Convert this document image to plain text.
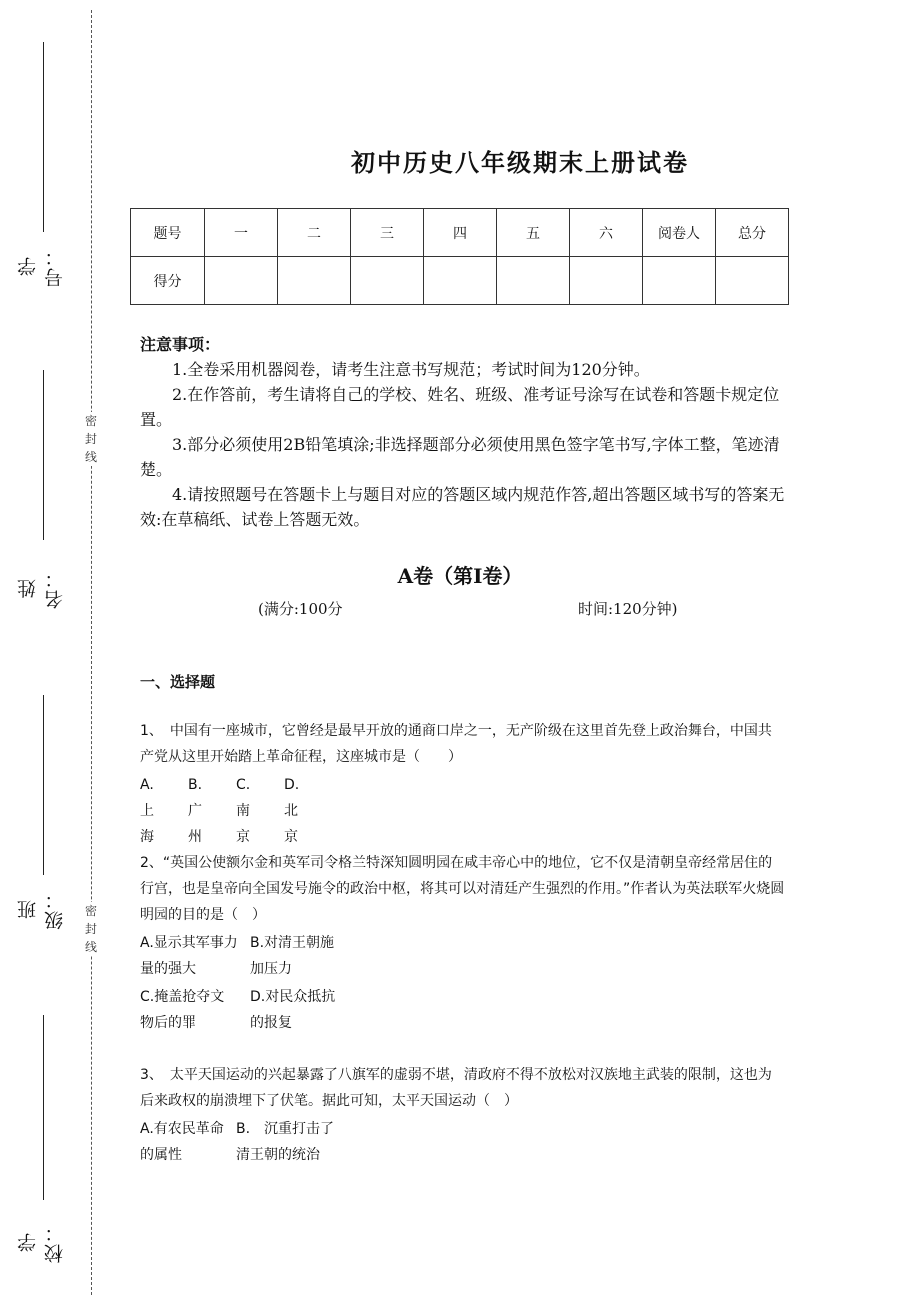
学号：
姓名：
班级：
学校：
密封线
密封线
初中历史八年级期末上册试卷
题号	一	二	三	四	五	六	阅卷人	总分
得分								
注意事项：

1.全卷采用机器阅卷，请考生注意书写规范；考试时间为120分钟。

2.在作答前，考生请将自己的学校、姓名、班级、准考证号涂写在试卷和答题卡规定位置。

3.部分必须使用2B铅笔填涂;非选择题部分必须使用黑色签字笔书写,字体工整，笔迹清楚。

4.请按照题号在答题卡上与题目对应的答题区域内规范作答,超出答题区域书写的答案无效:在草稿纸、试卷上答题无效。

A卷（第I卷）
(满分:100分	时间:120分钟)
一、选择题

1、　中国有一座城市，它曾经是最早开放的通商口岸之一，无产阶级在这里首先登上政治舞台，中国共产党从这里开始踏上革命征程，这座城市是（　　）

A.上海
B.广州
C.南京
D.北京

2、“英国公使额尔金和英军司令格兰特深知圆明园在咸丰帝心中的地位，它不仅是清朝皇帝经常居住的行宫，也是皇帝向全国发号施令的政治中枢，将其可以对清廷产生强烈的作用。”作者认为英法联军火烧圆明园的目的是（　）

A.显示其军事力量的强大
B.对清王朝施加压力
C.掩盖抢夺文物后的罪
D.对民众抵抗的报复

3、　太平天国运动的兴起暴露了八旗军的虚弱不堪，清政府不得不放松对汉族地主武装的限制，这也为后来政权的崩溃埋下了伏笔。据此可知，太平天国运动（　）

A.有农民革命的属性
B.　沉重打击了清王朝的统治
